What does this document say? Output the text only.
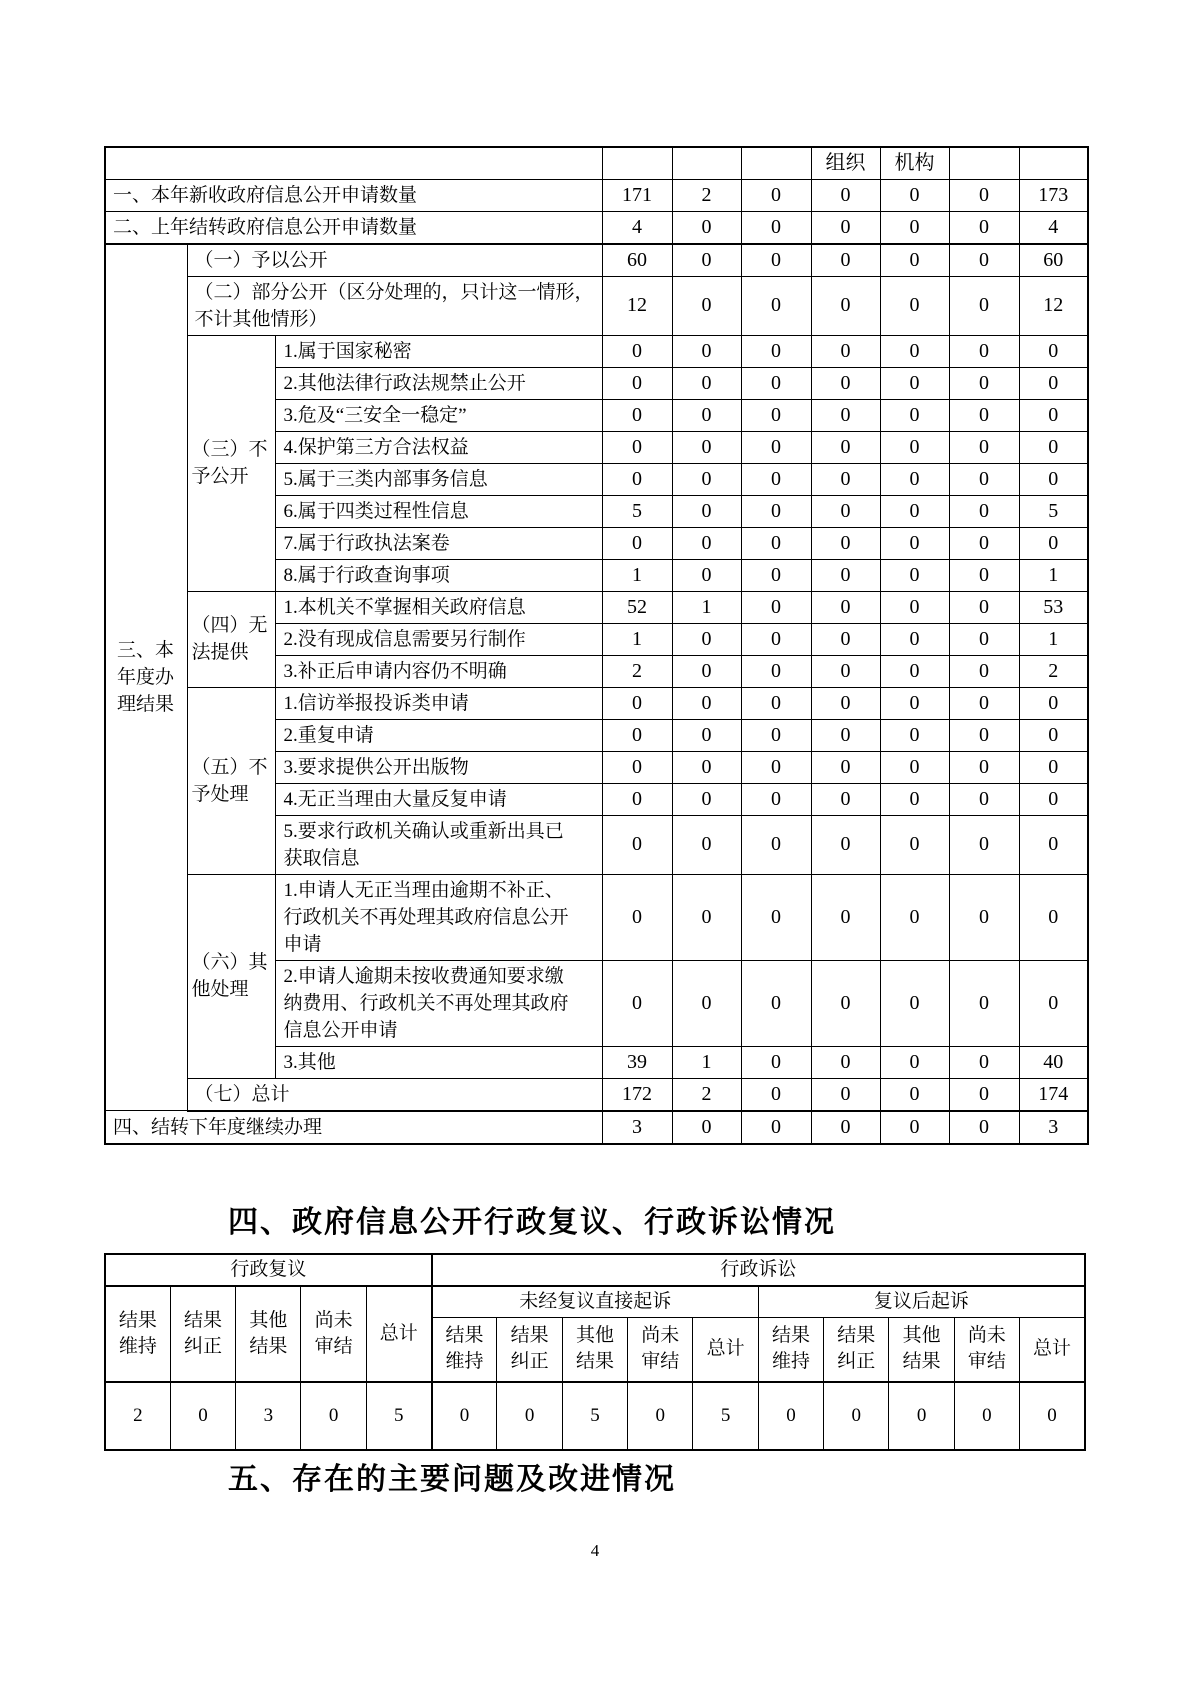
						组织	机构		
一、本年新收政府信息公开申请数量			171	2	0	0	0	0	173
二、上年结转政府信息公开申请数量			4	0	0	0	0	0	4
三、本年度办理结果	（一）予以公开		60	0	0	0	0	0	60
	（二）部分公开（区分处理的，只计这一情形，不计其他情形）		12	0	0	0	0	0	12
	（三）不予公开	1.属于国家秘密	0	0	0	0	0	0	0
		2.其他法律行政法规禁止公开	0	0	0	0	0	0	0
		3.危及“三安全一稳定”	0	0	0	0	0	0	0
		4.保护第三方合法权益	0	0	0	0	0	0	0
		5.属于三类内部事务信息	0	0	0	0	0	0	0
		6.属于四类过程性信息	5	0	0	0	0	0	5
		7.属于行政执法案卷	0	0	0	0	0	0	0
		8.属于行政查询事项	1	0	0	0	0	0	1
	（四）无法提供	1.本机关不掌握相关政府信息	52	1	0	0	0	0	53
		2.没有现成信息需要另行制作	1	0	0	0	0	0	1
		3.补正后申请内容仍不明确	2	0	0	0	0	0	2
	（五）不予处理	1.信访举报投诉类申请	0	0	0	0	0	0	0
		2.重复申请	0	0	0	0	0	0	0
		3.要求提供公开出版物	0	0	0	0	0	0	0
		4.无正当理由大量反复申请	0	0	0	0	0	0	0
		5.要求行政机关确认或重新出具已获取信息	0	0	0	0	0	0	0
	（六）其他处理	1.申请人无正当理由逾期不补正、行政机关不再处理其政府信息公开申请	0	0	0	0	0	0	0
		2.申请人逾期未按收费通知要求缴纳费用、行政机关不再处理其政府信息公开申请	0	0	0	0	0	0	0
		3.其他	39	1	0	0	0	0	40
	（七）总计		172	2	0	0	0	0	174
四、结转下年度继续办理			3	0	0	0	0	0	3
四、政府信息公开行政复议、行政诉讼情况
行政复议					行政诉讼									
结果维持	结果纠正	其他结果	尚未审结	总计	未经复议直接起诉					复议后起诉				
					结果维持	结果纠正	其他结果	尚未审结	总计	结果维持	结果纠正	其他结果	尚未审结	总计
2	0	3	0	5	0	0	5	0	5	0	0	0	0	0
五、存在的主要问题及改进情况
4
